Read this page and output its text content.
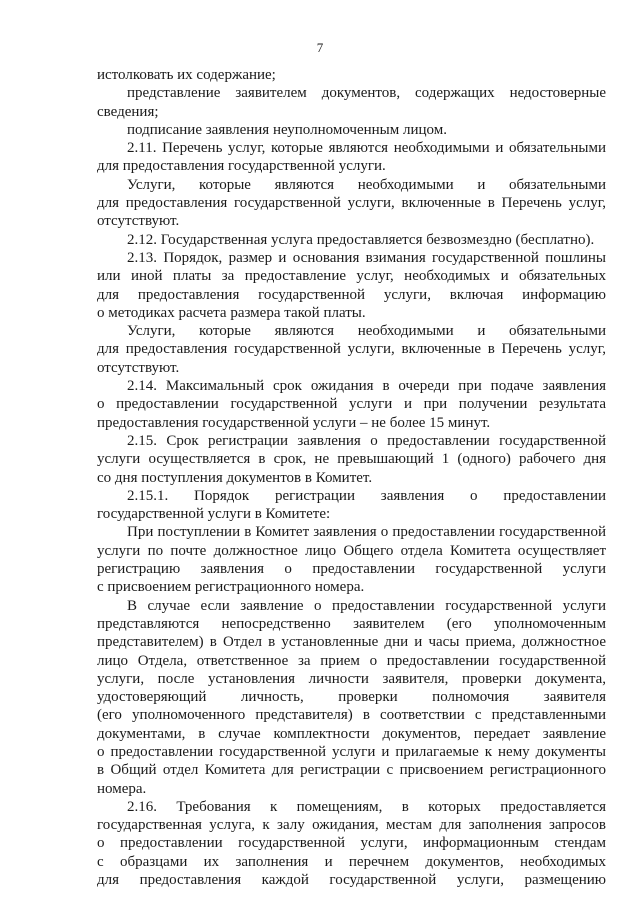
7
истолковать их содержание;
представление заявителем документов, содержащих недостоверные
сведения;
подписание заявления неуполномоченным лицом.
2.11. Перечень услуг, которые являются необходимыми и обязательными
для предоставления государственной услуги.
Услуги, которые являются необходимыми и обязательными
для предоставления государственной услуги, включенные в Перечень услуг,
отсутствуют.
2.12. Государственная услуга предоставляется безвозмездно (бесплатно).
2.13. Порядок, размер и основания взимания государственной пошлины
или иной платы за предоставление услуг, необходимых и обязательных
для предоставления государственной услуги, включая информацию
о методиках расчета размера такой платы.
Услуги, которые являются необходимыми и обязательными
для предоставления государственной услуги, включенные в Перечень услуг,
отсутствуют.
2.14. Максимальный срок ожидания в очереди при подаче заявления
о предоставлении государственной услуги и при получении результата
предоставления государственной услуги – не более 15 минут.
2.15. Срок регистрации заявления о предоставлении государственной
услуги осуществляется в срок, не превышающий 1 (одного) рабочего дня
со дня поступления документов в Комитет.
2.15.1. Порядок регистрации заявления о предоставлении
государственной услуги в Комитете:
При поступлении в Комитет заявления о предоставлении государственной
услуги по почте должностное лицо Общего отдела Комитета осуществляет
регистрацию заявления о предоставлении государственной услуги
с присвоением регистрационного номера.
В случае если заявление о предоставлении государственной услуги
представляются непосредственно заявителем (его уполномоченным
представителем) в Отдел в установленные дни и часы приема, должностное
лицо Отдела, ответственное за прием о предоставлении государственной
услуги, после установления личности заявителя, проверки документа,
удостоверяющий личность, проверки полномочия заявителя
(его уполномоченного представителя) в соответствии с представленными
документами, в случае комплектности документов, передает заявление
о предоставлении государственной услуги и прилагаемые к нему документы
в Общий отдел Комитета для регистрации с присвоением регистрационного
номера.
2.16. Требования к помещениям, в которых предоставляется
государственная услуга, к залу ожидания, местам для заполнения запросов
о предоставлении государственной услуги, информационным стендам
с образцами их заполнения и перечнем документов, необходимых
для предоставления каждой государственной услуги, размещению
